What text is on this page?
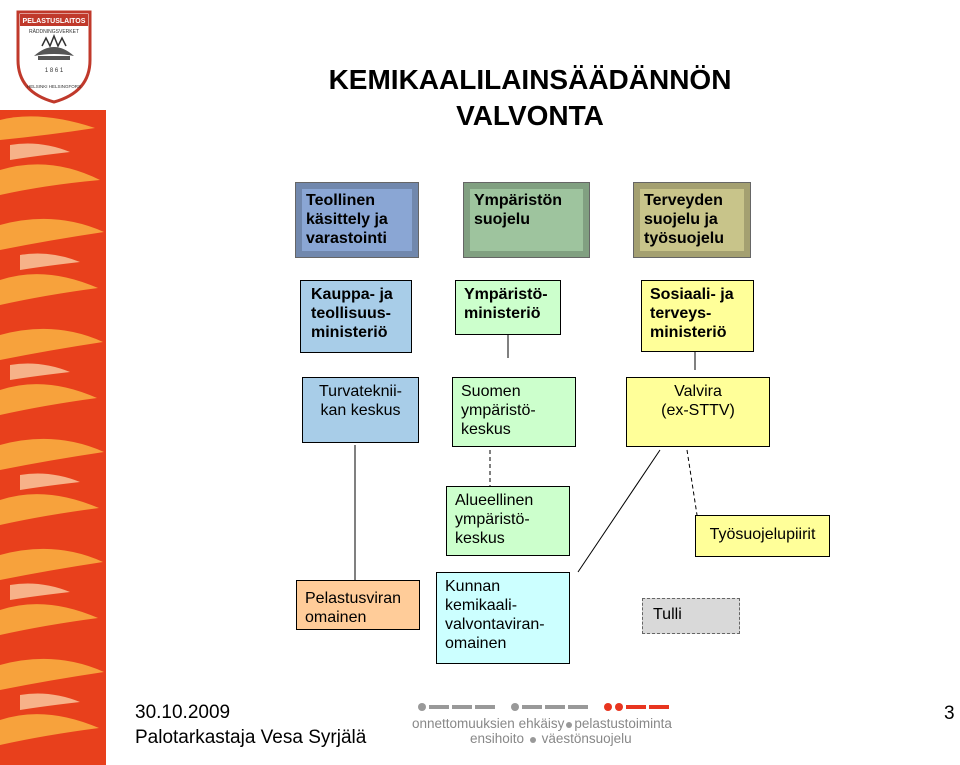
PELASTUSLAITOS
RÄDDNINGSVERKET
1 8 6 1
HELSINKI HELSINGFORS	KEMIKAALILAINSÄÄDÄNNÖN
VALVONTA
Teollinen
käsittely ja
varastointi
Ympäristön
suojelu
Terveyden
suojelu ja
työsuojelu
Kauppa- ja
teollisuus-
ministeriö
Ympäristö-
ministeriö
Sosiaali- ja
terveys-
ministeriö
Turvateknii-
kan keskus
Suomen
ympäristö-
keskus
Valvira
(ex-STTV)
Alueellinen
ympäristö-
keskus	Työsuojelupiirit
Pelastusviran
omainen
Kunnan
kemikaali-
valvontaviran-
omainen
Tulli
30.10.2009
Palotarkastaja Vesa Syrjälä
onnettomuuksien ehkäisy pelastustoiminta
ensihoito väestönsuojelu
3
